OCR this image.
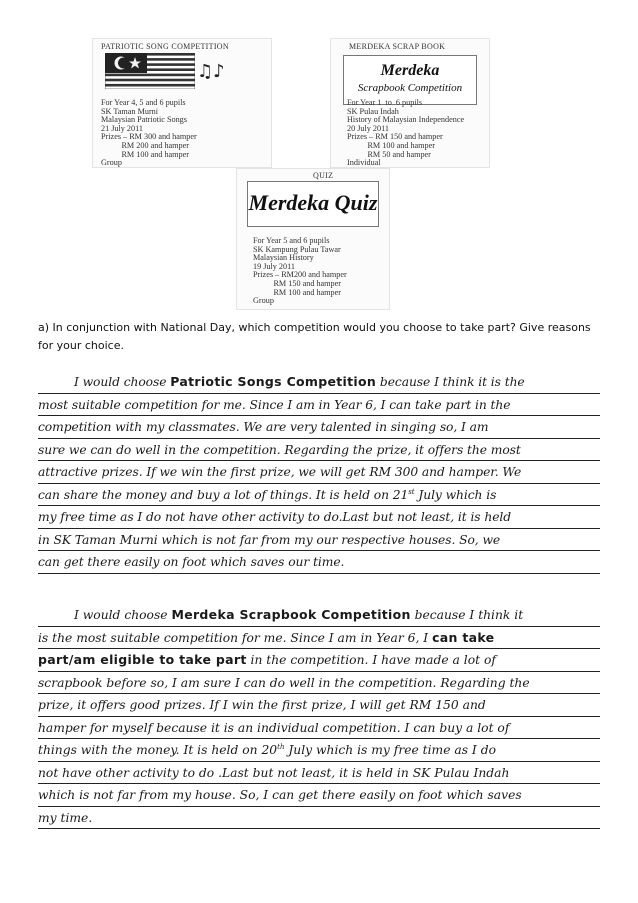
PATRIOTIC SONG COMPETITION
♫♪
For Year 4, 5 and 6 pupils
SK Taman Murni
Malaysian Patriotic Songs
21 July 2011
Prizes – RM 300 and hamper
RM 200 and hamper
RM 100 and hamper
Group
MERDEKA SCRAP BOOK
Merdeka
Scrapbook Competition
For Year 1  to  6 pupils
SK Pulau Indah
History of Malaysian Independence
20 July 2011
Prizes – RM 150 and hamper
RM 100 and hamper
RM 50 and hamper
Individual
QUIZ
Merdeka Quiz
For Year 5 and 6 pupils
SK Kampung Pulau Tawar
Malaysian History
19 July 2011
Prizes – RM200 and hamper
RM 150 and hamper
RM 100 and hamper
Group
a) In conjunction with National Day, which competition would you choose to take part? Give reasons for your choice.
I would choose Patriotic Songs Competition because I think it is the
most suitable competition for me. Since I am in Year 6, I can take part in the
competition with my classmates. We are very talented in singing so, I am
sure we can do well in the competition. Regarding the prize, it offers the most
attractive prizes. If we win the first prize, we will get RM 300 and hamper. We
can share the money and buy a lot of things. It is held on 21st July which is
my free time as I do not have other activity to do.Last but not least, it is held
in SK Taman Murni which is not far from my our respective houses. So, we
can get there easily on foot which saves our time.
I would choose Merdeka Scrapbook Competition because I think it
is the most suitable competition for me. Since I am in Year 6, I can take
part/am eligible to take part in the competition. I have made a lot of
scrapbook before so, I am sure I can do well in the competition. Regarding the
prize, it offers good prizes. If I win the first prize, I will get RM 150 and
hamper for myself because it is an individual competition. I can buy a lot of
things with the money. It is held on 20th July which is my free time as I do
not have other activity to do .Last but not least, it is held in SK Pulau Indah
which is not far from my house. So, I can get there easily on foot which saves
my time.
